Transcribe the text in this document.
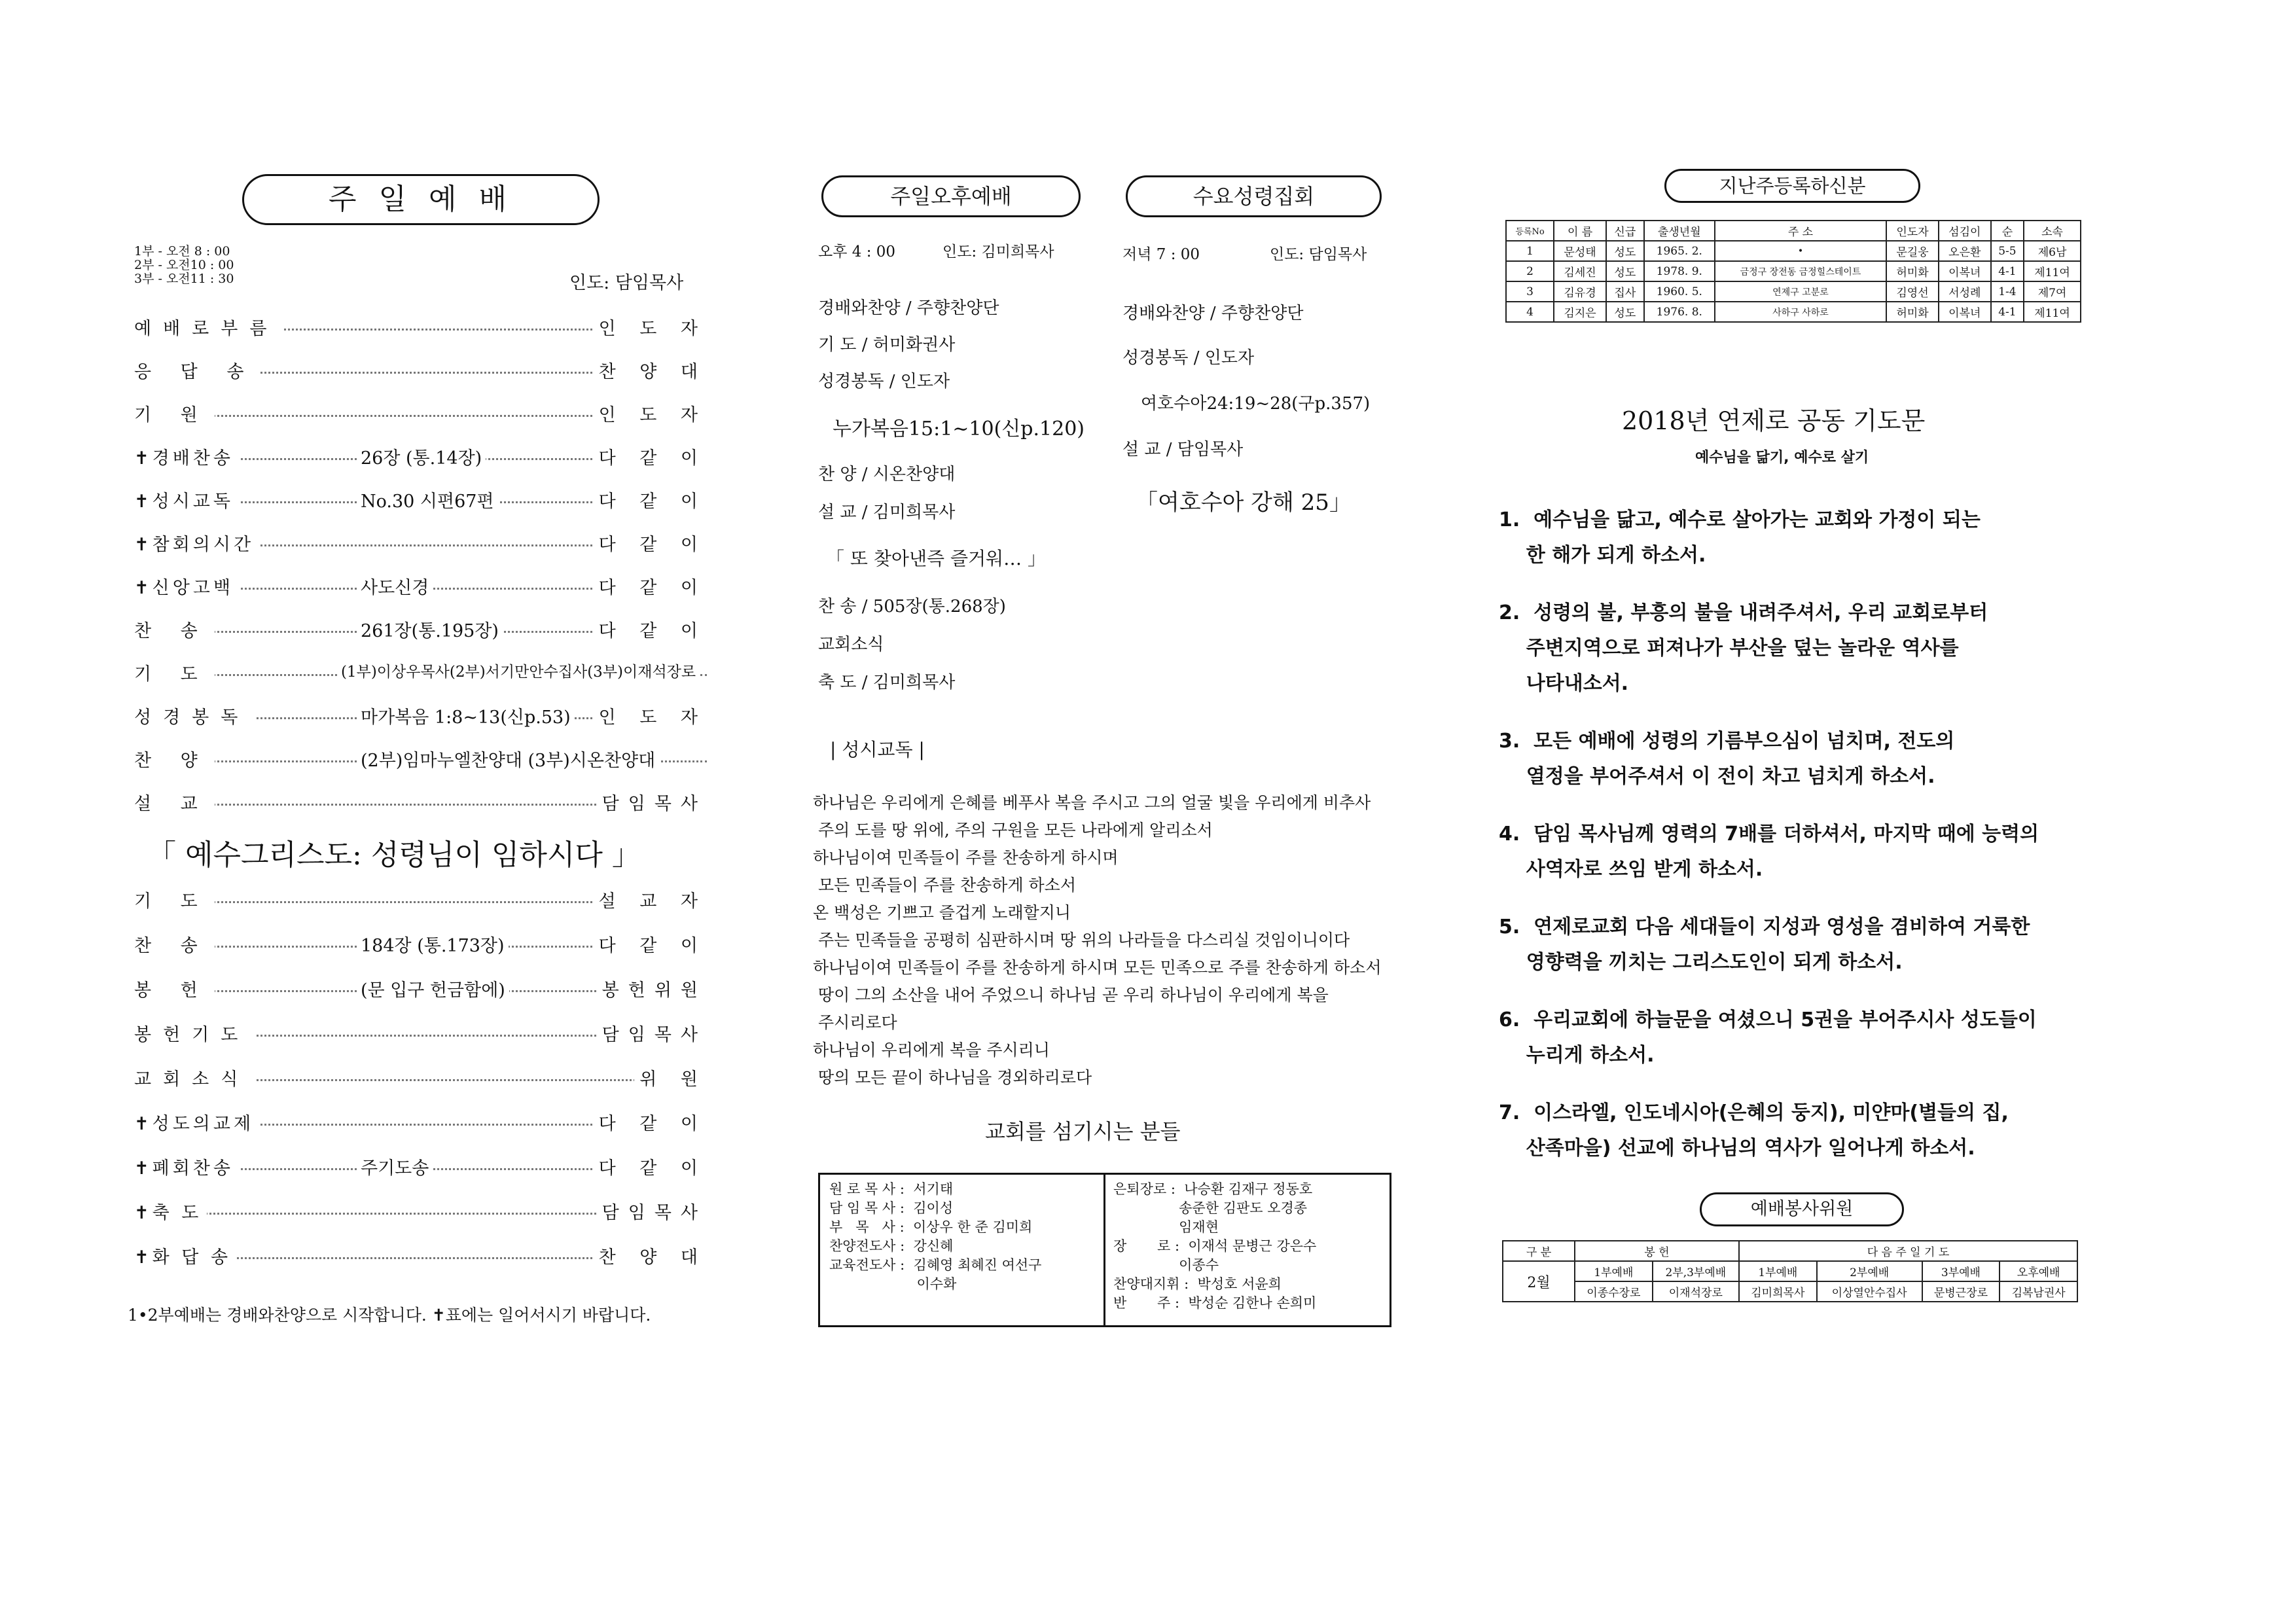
주 일 예 배
1부 - 오전 8 : 00
2부 - 오전10 : 00
3부 - 오전11 : 30	인도: 담임목사
예배로부름	인 도 자
응 답 송	찬 양 대
기 원	인 도 자
✝경배찬송	26장 (통.14장)	다 같 이
✝성시교독	No.30 시편67편	다 같 이
✝참회의시간	다 같 이
✝신앙고백	사도신경	다 같 이
찬 송	261장(통.195장)	다 같 이
기 도	(1부)이상우목사(2부)서기만안수집사(3부)이재석장로
성경봉독	마가복음 1:8~13(신p.53) 인 도 자
찬 양	(2부)임마누엘찬양대 (3부)시온찬양대
설 교	담임목사
「 예수그리스도: 성령님이 임하시다 」
기 도	설 교 자
찬 송	184장 (통.173장)	다 같 이
봉 헌	(문 입구 헌금함에)	봉헌위원
봉헌기도	담임목사
교회소식	위 원
✝성도의교제	다 같 이
✝폐회찬송	주기도송	다 같 이
✝축 도	담임목사
✝화 답 송	찬 양 대
1•2부예배는 경배와찬양으로 시작합니다. ✝표에는 일어서시기 바랍니다.
주일오후예배	수요성령집회
오후 4 : 00	인도: 김미희목사
경배와찬양 / 주향찬양단
기 도 / 허미화권사
성경봉독 / 인도자
누가복음15:1~10(신p.120)
찬 양 / 시온찬양대
설 교 / 김미희목사
「 또 찾아낸즉 즐거워… 」
찬 송 / 505장(통.268장)
교회소식
축 도 / 김미희목사
저녁 7 : 00	인도: 담임목사
경배와찬양 / 주향찬양단
성경봉독 / 인도자
여호수아24:19~28(구p.357)
설 교 / 담임목사
「여호수아 강해 25」
| 성시교독 |
하나님은 우리에게 은혜를 베푸사 복을 주시고 그의 얼굴 빛을 우리에게 비추사
주의 도를 땅 위에, 주의 구원을 모든 나라에게 알리소서
하나님이여 민족들이 주를 찬송하게 하시며
모든 민족들이 주를 찬송하게 하소서
온 백성은 기쁘고 즐겁게 노래할지니
주는 민족들을 공평히 심판하시며 땅 위의 나라들을 다스리실 것임이니이다
하나님이여 민족들이 주를 찬송하게 하시며 모든 민족으로 주를 찬송하게 하소서
땅이 그의 소산을 내어 주었으니 하나님 곧 우리 하나님이 우리에게 복을
주시리로다
하나님이 우리에게 복을 주시리니
땅의 모든 끝이 하나님을 경외하리로다
교회를 섬기시는 분들
원 로 목 사 :  서기태
담 임 목 사 :  김이성
부   목   사 :  이상우 한 준 김미희
찬양전도사 :  강신혜
교육전도사 :  김혜영 최혜진 여선구
이수화
은퇴장로 :  나승환 김재구 정동호
송준한 김판도 오경종
임재현
장       로 :  이재석 문병근 강은수
이종수
찬양대지휘 :  박성호 서윤희
반       주 :  박성순 김한나 손희미
지난주등록하신분
등록No	이 름	신급	출생년월	주 소	인도자	섬김이	순	소속
1	문성태	성도	1965. 2.	•	문길웅	오은환	5-5	제6남
2	김세진	성도	1978. 9.	금정구 장전동 금정힐스테이트	허미화	이복녀	4-1	제11여
3	김유경	집사	1960. 5.	연제구 고분로	김영선	서성례	1-4	제7여
4	김지은	성도	1976. 8.	사하구 사하로	허미화	이복녀	4-1	제11여
2018년 연제로 공동 기도문
예수님을 닮기, 예수로 살기
1.  예수님을 닮고, 예수로 살아가는 교회와 가정이 되는
한 해가 되게 하소서.
2.  성령의 불, 부흥의 불을 내려주셔서, 우리 교회로부터
주변지역으로 퍼져나가 부산을 덮는 놀라운 역사를
나타내소서.
3.  모든 예배에 성령의 기름부으심이 넘치며, 전도의
열정을 부어주셔서 이 전이 차고 넘치게 하소서.
4.  담임 목사님께 영력의 7배를 더하셔서, 마지막 때에 능력의
사역자로 쓰임 받게 하소서.
5.  연제로교회 다음 세대들이 지성과 영성을 겸비하여 거룩한
영향력을 끼치는 그리스도인이 되게 하소서.
6.  우리교회에 하늘문을 여셨으니 5권을 부어주시사 성도들이
누리게 하소서.
7.  이스라엘, 인도네시아(은혜의 둥지), 미얀마(별들의 집,
산족마을) 선교에 하나님의 역사가 일어나게 하소서.
예배봉사위원
구 분	봉 헌		다 음 주 일 기 도			
2월	1부예배	2부,3부예배	1부예배	2부예배	3부예배	오후예배
	이종수장로	이재석장로	김미희목사	이상열안수집사	문병근장로	김복남권사
